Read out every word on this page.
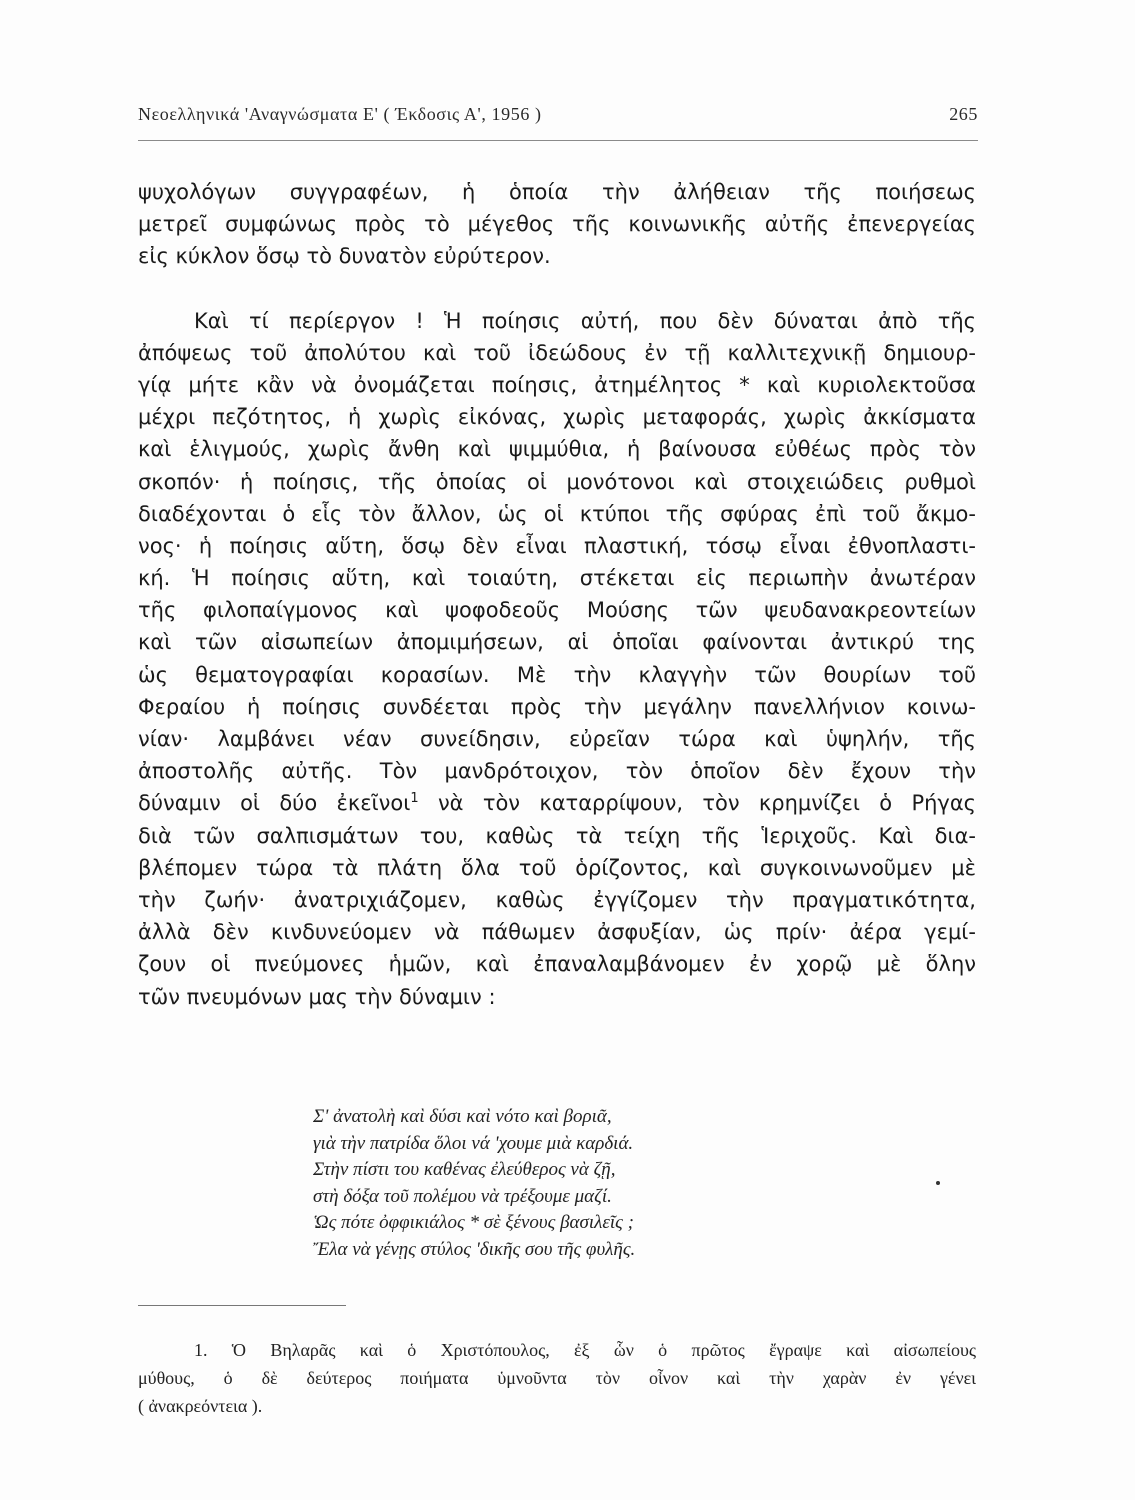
Νεοελληνικά 'Αναγνώσματα Ε' ( Έκδοσις Α', 1956 )	265
ψυχολόγων συγγραφέων, ἡ ὁποία τὴν ἀλήθειαν τῆς ποιήσεως
μετρεῖ συμφώνως πρὸς τὸ μέγεθος τῆς κοινωνικῆς αὐτῆς ἐπενεργείας
εἰς κύκλον ὅσῳ τὸ δυνατὸν εὐρύτερον.
Καὶ τί περίεργον ! Ἡ ποίησις αὐτή, που δὲν δύναται ἀπὸ τῆς
ἀπόψεως τοῦ ἀπολύτου καὶ τοῦ ἰδεώδους ἐν τῇ καλλιτεχνικῇ δημιουρ-
γίᾳ μήτε κἂν νὰ ὀνομάζεται ποίησις, ἀτημέλητος * καὶ κυριολεκτοῦσα
μέχρι πεζότητος, ἡ χωρὶς εἰκόνας, χωρὶς μεταφοράς, χωρὶς ἀκκίσματα
καὶ ἑλιγμούς, χωρὶς ἄνθη καὶ ψιμμύθια, ἡ βαίνουσα εὐθέως πρὸς τὸν
σκοπόν· ἡ ποίησις, τῆς ὁποίας οἱ μονότονοι καὶ στοιχειώδεις ρυθμοὶ
διαδέχονται ὁ εἷς τὸν ἄλλον, ὡς οἱ κτύποι τῆς σφύρας ἐπὶ τοῦ ἄκμο-
νος· ἡ ποίησις αὕτη, ὅσῳ δὲν εἶναι πλαστική, τόσῳ εἶναι ἐθνοπλαστι-
κή. Ἡ ποίησις αὕτη, καὶ τοιαύτη, στέκεται εἰς περιωπὴν ἀνωτέραν
τῆς φιλοπαίγμονος καὶ ψοφοδεοῦς Μούσης τῶν ψευδανακρεοντείων
καὶ τῶν αἰσωπείων ἀπομιμήσεων, αἱ ὁποῖαι φαίνονται ἀντικρύ της
ὡς θεματογραφίαι κορασίων. Μὲ τὴν κλαγγὴν τῶν θουρίων τοῦ
Φεραίου ἡ ποίησις συνδέεται πρὸς τὴν μεγάλην πανελλήνιον κοινω-
νίαν· λαμβάνει νέαν συνείδησιν, εὐρεῖαν τώρα καὶ ὑψηλήν, τῆς
ἀποστολῆς αὐτῆς. Τὸν μανδρότοιχον, τὸν ὁποῖον δὲν ἔχουν τὴν
δύναμιν οἱ δύο ἐκεῖνοι$^1$ νὰ τὸν καταρρίψουν, τὸν κρημνίζει ὁ Ρήγας
διὰ τῶν σαλπισμάτων του, καθὼς τὰ τείχη τῆς Ἱεριχοῦς. Καὶ δια-
βλέπομεν τώρα τὰ πλάτη ὅλα τοῦ ὁρίζοντος, καὶ συγκοινωνοῦμεν μὲ
τὴν ζωήν· ἀνατριχιάζομεν, καθὼς ἐγγίζομεν τὴν πραγματικότητα,
ἀλλὰ δὲν κινδυνεύομεν νὰ πάθωμεν ἀσφυξίαν, ὡς πρίν· ἀέρα γεμί-
ζουν οἱ πνεύμονες ἡμῶν, καὶ ἐπαναλαμβάνομεν ἐν χορῷ μὲ ὅλην
τῶν πνευμόνων μας τὴν δύναμιν :
Σ' ἀνατολὴ καὶ δύσι καὶ νότο καὶ βοριᾶ,
γιὰ τὴν πατρίδα ὅλοι νά 'χουμε μιὰ καρδιά.
Στὴν πίστι του καθένας ἐλεύθερος νὰ ζῇ,
στὴ δόξα τοῦ πολέμου νὰ τρέξουμε μαζί.
Ὡς πότε ὀφφικιάλος * σὲ ξένους βασιλεῖς ;
Ἔλα νὰ γένῃς στύλος 'δικῆς σου τῆς φυλῆς.
1. Ὁ Βηλαρᾶς καὶ ὁ Χριστόπουλος, ἐξ ὧν ὁ πρῶτος ἔγραψε καὶ αἰσωπείους
μύθους, ὁ δὲ δεύτερος ποιήματα ὑμνοῦντα τὸν οἶνον καὶ τὴν χαρὰν ἐν γένει
( ἀνακρεόντεια ).
